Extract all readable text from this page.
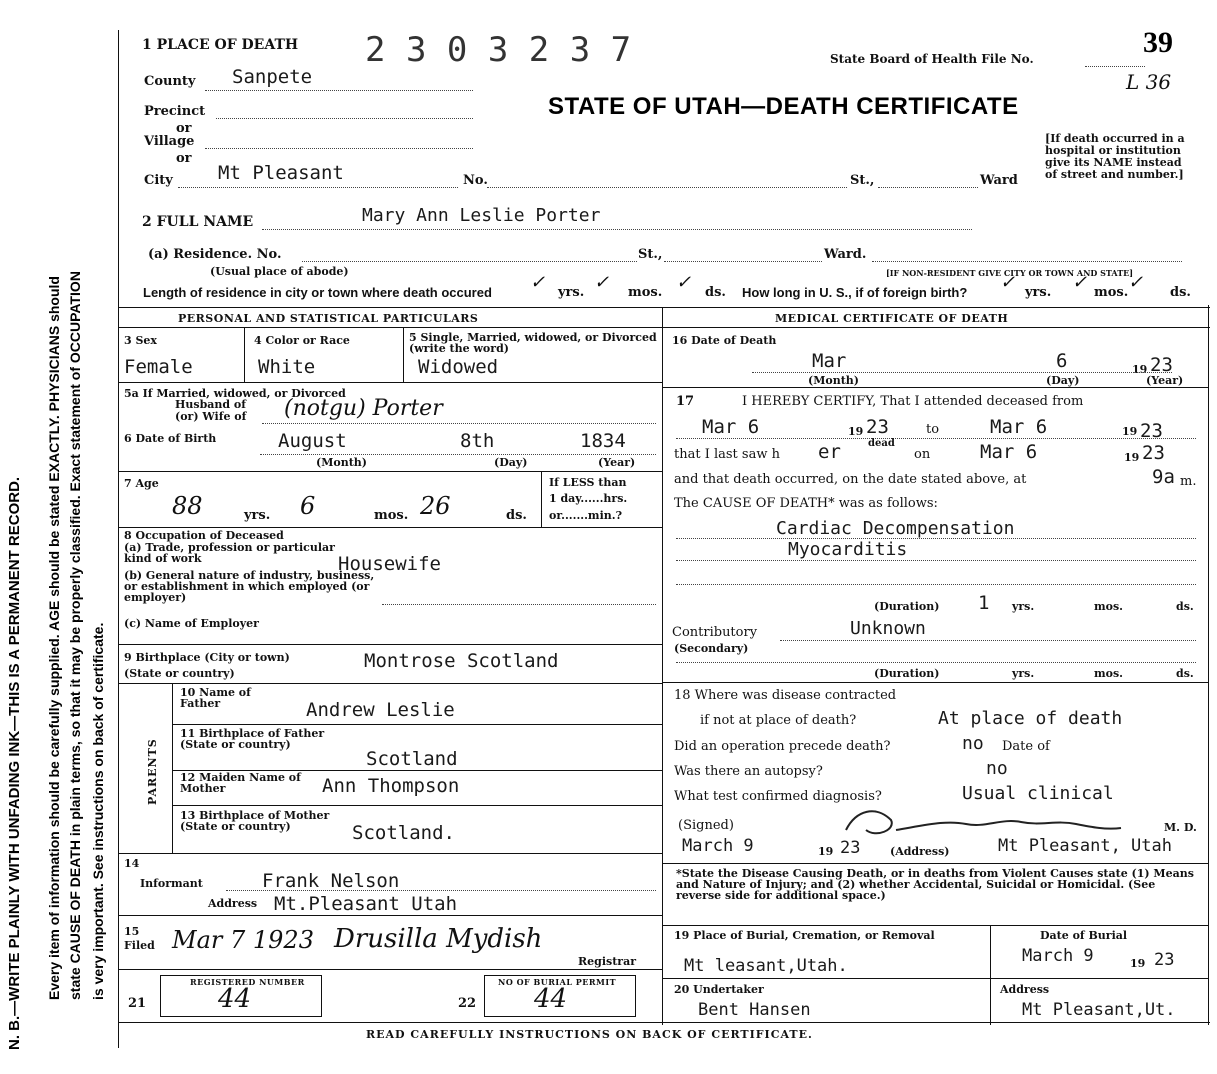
N. B.—WRITE PLAINLY WITH UNFADING INK—THIS IS A PERMANENT RECORD. Every item of information should be carefully supplied. AGE should be stated EXACTLY. PHYSICIANS should state CAUSE OF DEATH in plain terms, so that it may be properly classified. Exact statement of OCCUPATION is very important. See instructions on back of certificate.
1 PLACE OF DEATH 2 3 0 3 2 3 7	State Board of Health File No.	39
L 36
STATE OF UTAH—DEATH CERTIFICATE
[If death occurred in a hospital or institution give its NAME instead of street and number.]
County Sanpete
Precinct
or
Village
or
City Mt Pleasant	No.	St.,	Ward
2 FULL NAME	Mary Ann Leslie Porter
(a) Residence. No.	St.,	Ward.
(Usual place of abode)	[IF NON-RESIDENT GIVE CITY OR TOWN AND STATE]
Length of residence in city or town where death occured ✓ yrs. ✓ mos. ✓ ds. How long in U. S., if of foreign birth? ✓ yrs. ✓ mos. ✓ ds.
PERSONAL AND STATISTICAL PARTICULARS	MEDICAL CERTIFICATE OF DEATH
3 Sex
Female
4 Color or Race
White
5 Single, Married, widowed, or Divorced (write the word)
Widowed
5a If Married, widowed, or Divorced
Husband of
(or) Wife of (notgu) Porter
6 Date of Birth	August	8th	1834
(Month)	(Day)	(Year)
7 Age
88	yrs. 6	mos. 26	ds.
If LESS than
1 day......hrs.
or.......min.?
8 Occupation of Deceased
(a) Trade, profession or particular kind of work	Housewife
(b) General nature of industry, business, or establishment in which employed (or employer)
(c) Name of Employer
9 Birthplace (City or town)	Montrose Scotland
(State or country)
PARENTS
10 Name of Father	Andrew Leslie
11 Birthplace of Father (State or country)
Scotland
12 Maiden Name of Mother	Ann Thompson
13 Birthplace of Mother (State or country)	Scotland.
14
Informant	Frank Nelson
Address Mt.Pleasant Utah
15
Filed Mar 7 1923 Drusilla Mydish
Registrar
REGISTERED NUMBER
21	44
NO OF BURIAL PERMIT
22 44
16 Date of Death
Mar	6	19 23
(Month)	(Day)	(Year)
17	I HEREBY CERTIFY, That I attended deceased from
Mar 6	19 23	to	Mar 6	19 23
that I last saw h er	dead
on	Mar 6	19 23
and that death occurred, on the date stated above, at	9a m.
The CAUSE OF DEATH* was as follows:
Cardiac Decompensation
Myocarditis
(Duration) 1 yrs.	mos.	ds.
Contributory
(Secondary)
Unknown
(Duration)	yrs.	mos.	ds.
18 Where was disease contracted
if not at place of death?	At place of death
Did an operation precede death?	no Date of
Was there an autopsy?	no
What test confirmed diagnosis?	Usual clinical
(Signed)	M. D.
March 9	19 23	(Address)	Mt Pleasant, Utah
*State the Disease Causing Death, or in deaths from Violent Causes state (1) Means and Nature of Injury; and (2) whether Accidental, Suicidal or Homicidal. (See reverse side for additional space.)
19 Place of Burial, Cremation, or Removal
Mt leasant,Utah.
Date of Burial
March 9	19 23
20 Undertaker
Bent Hansen
Address
Mt Pleasant,Ut.
READ CAREFULLY INSTRUCTIONS ON BACK OF CERTIFICATE.
